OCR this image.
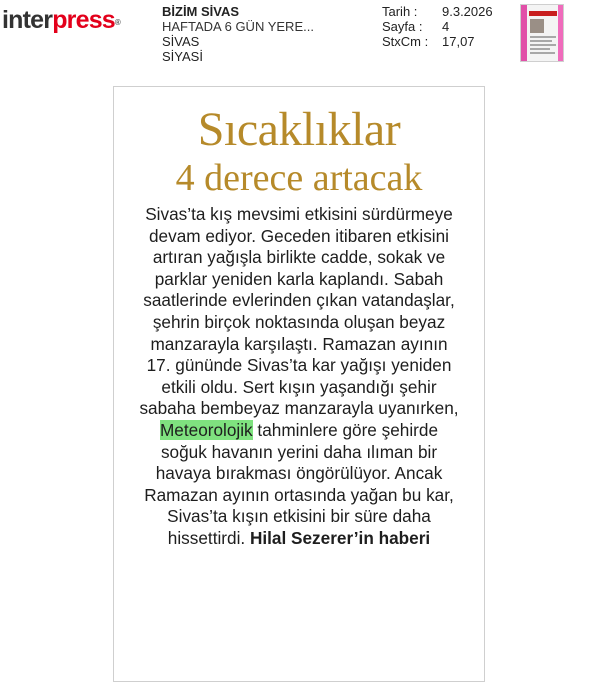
interpress®
BİZİM SİVAS
HAFTADA 6 GÜN YERE...
SİVAS
SİYASİ
Tarih :	9.3.2026
Sayfa :	4
StxCm :	17,07
Sıcaklıklar
4 derece artacak
Sivas’ta kış mevsimi etkisini sürdürmeye devam ediyor. Geceden itibaren etkisini artıran yağışla birlikte cadde, sokak ve parklar yeniden karla kaplandı. Sabah saatlerinde evlerinden çıkan vatandaşlar, şehrin birçok noktasında oluşan beyaz manzarayla karşılaştı. Ramazan ayının 17. gününde Sivas’ta kar yağışı yeniden etkili oldu. Sert kışın yaşandığı şehir sabaha bembeyaz manzarayla uyanırken, Meteorolojik tahminlere göre şehirde soğuk havanın yerini daha ılıman bir havaya bırakması öngörülüyor. Ancak Ramazan ayının ortasında yağan bu kar, Sivas’ta kışın etkisini bir süre daha hissettirdi. Hilal Sezerer’in haberi
